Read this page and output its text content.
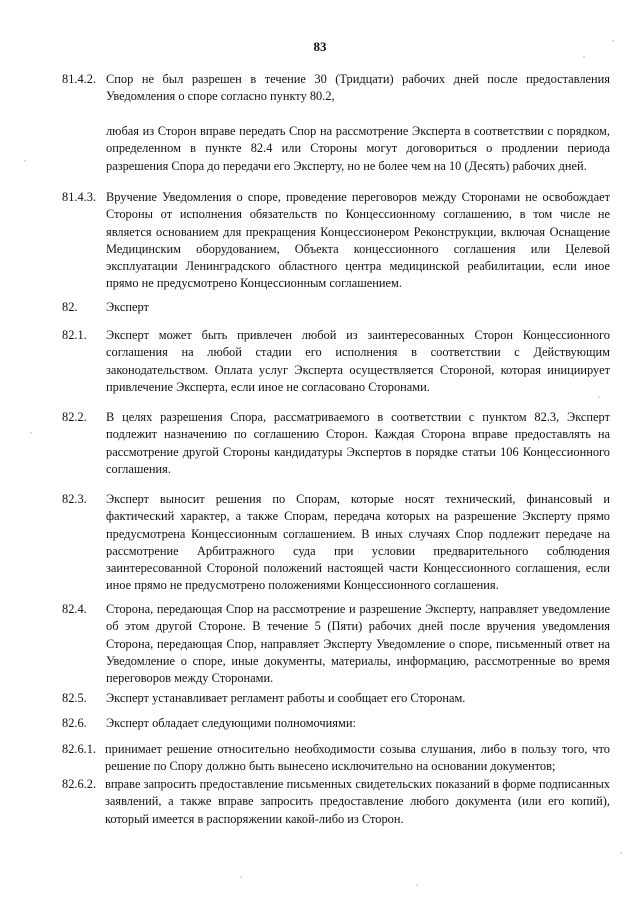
83
81.4.2. Спор не был разрешен в течение 30 (Тридцати) рабочих дней после предоставления Уведомления о споре согласно пункту 80.2,
любая из Сторон вправе передать Спор на рассмотрение Эксперта в соответствии с порядком, определенном в пункте 82.4 или Стороны могут договориться о продлении периода разрешения Спора до передачи его Эксперту, но не более чем на 10 (Десять) рабочих дней.
81.4.3. Вручение Уведомления о споре, проведение переговоров между Сторонами не освобождает Стороны от исполнения обязательств по Концессионному соглашению, в том числе не является основанием для прекращения Концессионером Реконструкции, включая Оснащение Медицинским оборудованием, Объекта концессионного соглашения или Целевой эксплуатации Ленинградского областного центра медицинской реабилитации, если иное прямо не предусмотрено Концессионным соглашением.
82. Эксперт
82.1. Эксперт может быть привлечен любой из заинтересованных Сторон Концессионного соглашения на любой стадии его исполнения в соответствии с Действующим законодательством. Оплата услуг Эксперта осуществляется Стороной, которая инициирует привлечение Эксперта, если иное не согласовано Сторонами.
82.2. В целях разрешения Спора, рассматриваемого в соответствии с пунктом 82.3, Эксперт подлежит назначению по соглашению Сторон. Каждая Сторона вправе предоставлять на рассмотрение другой Стороны кандидатуры Экспертов в порядке статьи 106 Концессионного соглашения.
82.3. Эксперт выносит решения по Спорам, которые носят технический, финансовый и фактический характер, а также Спорам, передача которых на разрешение Эксперту прямо предусмотрена Концессионным соглашением. В иных случаях Спор подлежит передаче на рассмотрение Арбитражного суда при условии предварительного соблюдения заинтересованной Стороной положений настоящей части Концессионного соглашения, если иное прямо не предусмотрено положениями Концессионного соглашения.
82.4. Сторона, передающая Спор на рассмотрение и разрешение Эксперту, направляет уведомление об этом другой Стороне. В течение 5 (Пяти) рабочих дней после вручения уведомления Сторона, передающая Спор, направляет Эксперту Уведомление о споре, письменный ответ на Уведомление о споре, иные документы, материалы, информацию, рассмотренные во время переговоров между Сторонами.
82.5. Эксперт устанавливает регламент работы и сообщает его Сторонам.
82.6. Эксперт обладает следующими полномочиями:
82.6.1. принимает решение относительно необходимости созыва слушания, либо в пользу того, что решение по Спору должно быть вынесено исключительно на основании документов;
82.6.2. вправе запросить предоставление письменных свидетельских показаний в форме подписанных заявлений, а также вправе запросить предоставление любого документа (или его копий), который имеется в распоряжении какой-либо из Сторон.
